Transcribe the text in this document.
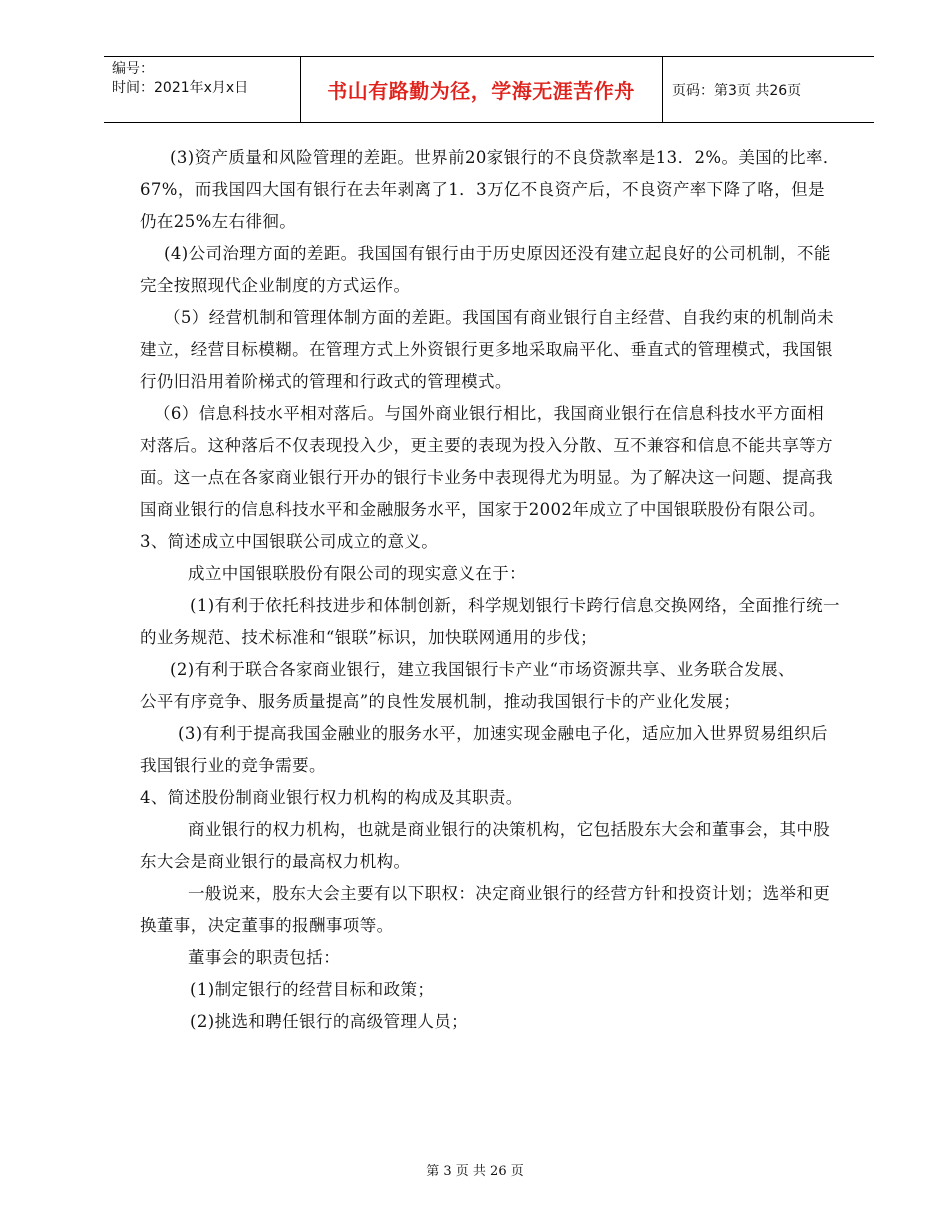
编号：
时间：2021年x月x日	书山有路勤为径，学海无涯苦作舟	页码：第3页 共26页

(3)资产质量和风险管理的差距。世界前20家银行的不良贷款率是13．2%。美国的比率．67%，而我国四大国有银行在去年剥离了1．3万亿不良资产后，不良资产率下降了咯，但是仍在25%左右徘徊。

(4)公司治理方面的差距。我国国有银行由于历史原因还没有建立起良好的公司机制，不能完全按照现代企业制度的方式运作。

（5）经营机制和管理体制方面的差距。我国国有商业银行自主经营、自我约束的机制尚未建立，经营目标模糊。在管理方式上外资银行更多地采取扁平化、垂直式的管理模式，我国银行仍旧沿用着阶梯式的管理和行政式的管理模式。

（6）信息科技水平相对落后。与国外商业银行相比，我国商业银行在信息科技水平方面相对落后。这种落后不仅表现投入少，更主要的表现为投入分散、互不兼容和信息不能共享等方面。这一点在各家商业银行开办的银行卡业务中表现得尤为明显。为了解决这一问题、提高我国商业银行的信息科技水平和金融服务水平，国家于2002年成立了中国银联股份有限公司。

3、简述成立中国银联公司成立的意义。

成立中国银联股份有限公司的现实意义在于：

(1)有利于依托科技进步和体制创新，科学规划银行卡跨行信息交换网络，全面推行统一的业务规范、技术标准和“银联”标识，加快联网通用的步伐；

(2)有利于联合各家商业银行，建立我国银行卡产业“市场资源共享、业务联合发展、

公平有序竞争、服务质量提高”的良性发展机制，推动我国银行卡的产业化发展；

(3)有利于提高我国金融业的服务水平，加速实现金融电子化，适应加入世界贸易组织后我国银行业的竞争需要。

4、简述股份制商业银行权力机构的构成及其职责。

商业银行的权力机构，也就是商业银行的决策机构，它包括股东大会和董事会，其中股东大会是商业银行的最高权力机构。

一般说来，股东大会主要有以下职权：决定商业银行的经营方针和投资计划；选举和更换董事，决定董事的报酬事项等。

董事会的职责包括：

(1)制定银行的经营目标和政策；

(2)挑选和聘任银行的高级管理人员；

第 3 页 共 26 页
